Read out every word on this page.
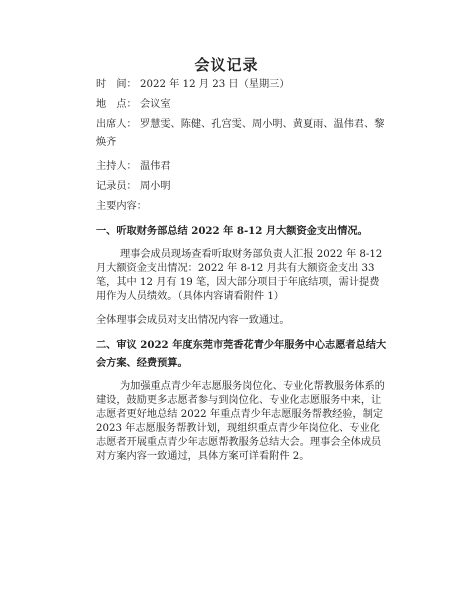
会议记录
时　间： 2022 年 12 月 23 日（星期三）
地　点： 会议室
出席人： 罗慧雯、陈健、孔宫雯、周小明、黄夏雨、温伟君、黎
焕齐
主持人： 温伟君
记录员： 周小明
主要内容：
一、听取财务部总结 2022 年 8-12 月大额资金支出情况。
理事会成员现场查看听取财务部负责人汇报 2022 年 8-12 月大额资金支出情况：2022 年 8-12 月共有大额资金支出 33 笔，其中 12 月有 19 笔，因大部分项目于年底结项，需计提费用作为人员绩效。（具体内容请看附件 1）
全体理事会成员对支出情况内容一致通过。
二、审议 2022 年度东莞市莞香花青少年服务中心志愿者总结大
会方案、经费预算。
为加强重点青少年志愿服务岗位化、专业化帮教服务体系的建设，鼓励更多志愿者参与到岗位化、专业化志愿服务中来，让志愿者更好地总结 2022 年重点青少年志愿服务帮教经验，制定 2023 年志愿服务帮教计划，现组织重点青少年岗位化、专业化志愿者开展重点青少年志愿帮教服务总结大会。理事会全体成员对方案内容一致通过，具体方案可详看附件 2。
